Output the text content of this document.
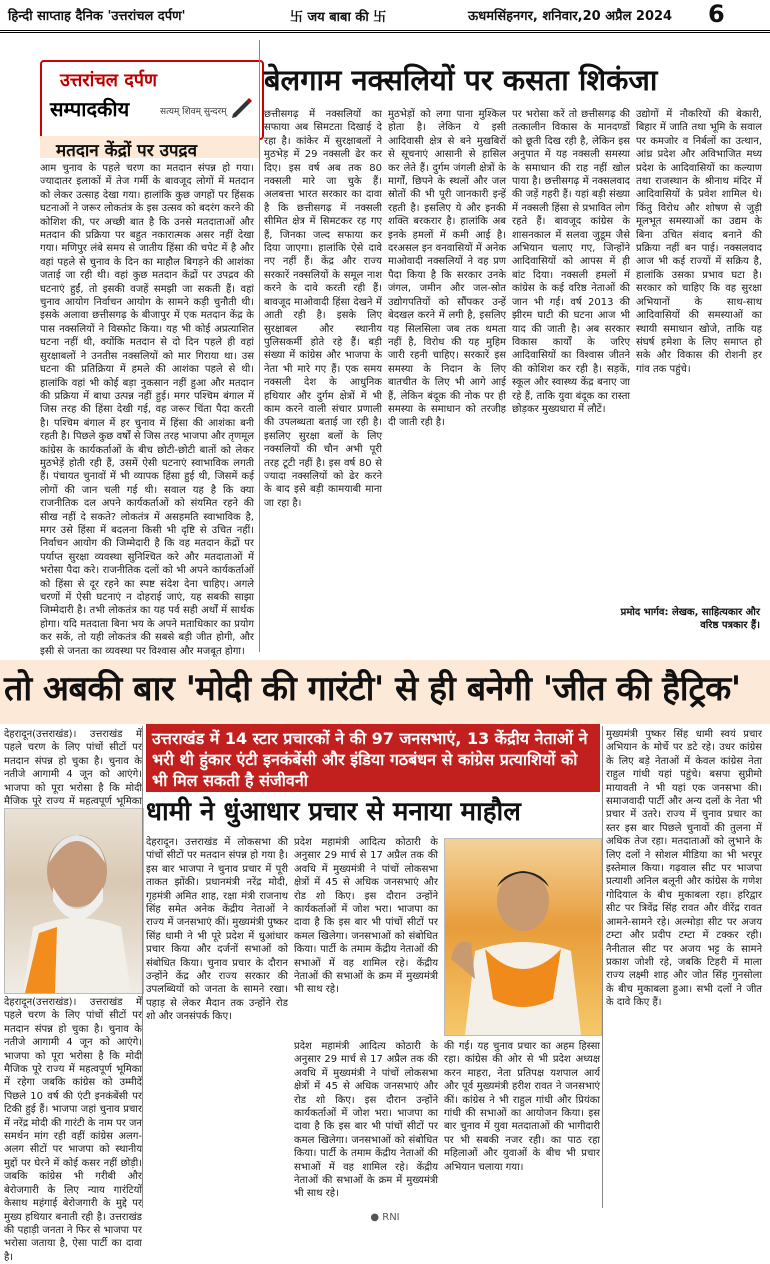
हिन्दी साप्ताह दैनिक 'उत्तरांचल दर्पण'	卐 जय बाबा की 卐	ऊधमसिंहनगर, शनिवार,20 अप्रैल 2024 6
उत्तरांचल दर्पण
सम्पादकीय	सत्यम् शिवम् सुन्दरम्
मतदान केंद्रों पर उपद्रव
आम चुनाव के पहले चरण का मतदान संपन्न हो गया। ज्यादातर इलाकों में तेज गर्मी के बावजूद लोगों में मतदान को लेकर उत्साह देखा गया। हालांकि कुछ जगहों पर हिंसक घटनाओं ने जरूर लोकतंत्र के इस उत्सव को बदरंग करने की कोशिश की, पर अच्छी बात है कि उनसे मतदाताओं और मतदान की प्रक्रिया पर बहुत नकारात्मक असर नहीं देखा गया। मणिपुर लंबे समय से जातीय हिंसा की चपेट में है और वहां पहले से चुनाव के दिन का माहौल बिगड़ने की आशंका जताई जा रही थी। वहां कुछ मतदान केंद्रों पर उपद्रव की घटनाएं हुईं, तो इसकी वजहें समझी जा सकती हैं। वहां चुनाव आयोग निर्वाचन आयोग के सामने कड़ी चुनौती थी। इसके अलावा छत्तीसगढ़ के बीजापुर में एक मतदान केंद्र के पास नक्सलियों ने विस्फोट किया। यह भी कोई अप्रत्याशित घटना नहीं थी, क्योंकि मतदान से दो दिन पहले ही वहां सुरक्षाबलों ने उनतीस नक्सलियों को मार गिराया था। उस घटना की प्रतिक्रिया में हमले की आशंका पहले से थी। हालांकि वहां भी कोई बड़ा नुकसान नहीं हुआ और मतदान की प्रक्रिया में बाधा उत्पन्न नहीं हुई। मगर पश्चिम बंगाल में जिस तरह की हिंसा देखी गई, वह जरूर चिंता पैदा करती है। पश्चिम बंगाल में हर चुनाव में हिंसा की आशंका बनी रहती है। पिछले कुछ वर्षों से जिस तरह भाजपा और तृणमूल कांग्रेस के कार्यकर्ताओं के बीच छोटी-छोटी बातों को लेकर मुठभेड़ें होती रही हैं, उसमें ऐसी घटनाएं स्वाभाविक लगती हैं। पंचायत चुनावों में भी व्यापक हिंसा हुई थी, जिसमें कई लोगों की जान चली गई थी। सवाल यह है कि क्या राजनीतिक दल अपने कार्यकर्ताओं को संयमित रहने की सीख नहीं दे सकते? लोकतंत्र में असहमति स्वाभाविक है, मगर उसे हिंसा में बदलना किसी भी दृष्टि से उचित नहीं। निर्वाचन आयोग की जिम्मेदारी है कि वह मतदान केंद्रों पर पर्याप्त सुरक्षा व्यवस्था सुनिश्चित करे और मतदाताओं में भरोसा पैदा करे। राजनीतिक दलों को भी अपने कार्यकर्ताओं को हिंसा से दूर रहने का स्पष्ट संदेश देना चाहिए। अगले चरणों में ऐसी घटनाएं न दोहराई जाएं, यह सबकी साझा जिम्मेदारी है। तभी लोकतंत्र का यह पर्व सही अर्थों में सार्थक होगा। यदि मतदाता बिना भय के अपने मताधिकार का प्रयोग कर सकें, तो यही लोकतंत्र की सबसे बड़ी जीत होगी, और इसी से जनता का व्यवस्था पर विश्वास और मजबूत होगा।
बेलगाम नक्सलियों पर कसता शिकंजा
छत्तीसगढ़ में नक्सलियों का सफाया अब सिमटता दिखाई दे रहा है। कांकेर में सुरक्षाबलों ने मुठभेड़ में 29 नक्सली ढेर कर दिए। इस वर्ष अब तक 80 नक्सली मारे जा चुके हैं। अलबत्ता भारत सरकार का दावा है कि छत्तीसगढ़ में नक्सली सीमित क्षेत्र में सिमटकर रह गए हैं, जिनका जल्द सफाया कर दिया जाएगा। हालांकि ऐसे दावे नए नहीं हैं। केंद्र और राज्य सरकारें नक्सलियों के समूल नाश करने के दावे करती रही हैं। बावजूद माओवादी हिंसा देखने में आती रही है। इसके लिए सुरक्षाबल और स्थानीय पुलिसकर्मी होते रहे हैं। बड़ी संख्या में कांग्रेस और भाजपा के नेता भी मारे गए हैं। एक समय नक्सली देश के आधुनिक हथियार और दुर्गम क्षेत्रों में भी काम करने वाली संचार प्रणाली की उपलब्धता बताई जा रही है। इसलिए सुरक्षा बलों के लिए नक्सलियों की चौन अभी पूरी तरह टूटी नहीं है। इस वर्ष 80 से ज्यादा नक्सलियों को ढेर करने के बाद इसे बड़ी कामयाबी माना जा रहा है।
मुठभेड़ों को लगा पाना मुश्किल होता है। लेकिन ये इसी आदिवासी क्षेत्र से बने मुखबिरों से सूचनाएं आसानी से हासिल कर लेते हैं। दुर्गम जंगली क्षेत्रों के मार्गों, छिपने के स्थलों और जल स्रोतों की भी पूरी जानकारी इन्हें रहती है। इसलिए ये और इनकी शक्ति बरकरार है। हालांकि अब इनके हमलों में कमी आई है। दरअसल इन वनवासियों में अनेक माओवादी नक्सलियों ने वह प्रण पैदा किया है कि सरकार उनके जंगल, जमीन और जल-स्रोत उद्योगपतियों को सौंपकर उन्हें बेदखल करने में लगी है, इसलिए यह सिलसिला जब तक थमता नहीं है, विरोध की यह मुहिम जारी रहनी चाहिए। सरकारें इस समस्या के निदान के लिए बातचीत के लिए भी आगे आई हैं, लेकिन बंदूक की नोक पर ही समस्या के समाधान को तरजीह दी जाती रही है।
पर भरोसा करें तो छत्तीसगढ़ की तत्कालीन विकास के मानदण्डों को छूती दिख रही है, लेकिन इस अनुपात में यह नक्सली समस्या के समाधान की राह नहीं खोल पाया है। छत्तीसगढ़ में नक्सलवाद की जड़ें गहरी हैं। यहां बड़ी संख्या में नक्सली हिंसा से प्रभावित लोग रहते हैं। बावजूद कांग्रेस के शासनकाल में सलवा जुडूम जैसे अभियान चलाए गए, जिन्होंने आदिवासियों को आपस में ही बांट दिया। नक्सली हमलों में कांग्रेस के कई वरिष्ठ नेताओं की जान भी गई। वर्ष 2013 की झीरम घाटी की घटना आज भी याद की जाती है। अब सरकार विकास कार्यों के जरिए आदिवासियों का विश्वास जीतने की कोशिश कर रही है। सड़कें, स्कूल और स्वास्थ्य केंद्र बनाए जा रहे हैं, ताकि युवा बंदूक का रास्ता छोड़कर मुख्यधारा में लौटें।
उद्योगों में नौकरियों की बेकारी, बिहार में जाति तथा भूमि के सवाल पर कमजोर व निर्बलों का उत्थान, आंध्र प्रदेश और अविभाजित मध्य प्रदेश के आदिवासियों का कल्याण तथा राजस्थान के श्रीनाथ मंदिर में आदिवासियों के प्रवेश शामिल थे। किंतु विरोध और शोषण से जुड़ी मूलभूत समस्याओं का उद्यम के बिना उचित संवाद बनाने की प्रक्रिया नहीं बन पाई। नक्सलवाद आज भी कई राज्यों में सक्रिय है, हालांकि उसका प्रभाव घटा है। सरकार को चाहिए कि वह सुरक्षा अभियानों के साथ-साथ आदिवासियों की समस्याओं का स्थायी समाधान खोजे, ताकि यह संघर्ष हमेशा के लिए समाप्त हो सके और विकास की रोशनी हर गांव तक पहुंचे।
प्रमोद भार्गव: लेखक, साहित्यकार और वरिष्ठ पत्रकार हैं।
तो अबकी बार 'मोदी की गारंटी' से ही बनेगी 'जीत की हैट्रिक'
देहरादून(उत्तराखंड)। उत्तराखंड में पहले चरण के लिए पांचों सीटों पर मतदान संपन्न हो चुका है। चुनाव के नतीजे आगामी 4 जून को आएंगे। भाजपा को पूरा भरोसा है कि मोदी मैजिक पूरे राज्य में महत्वपूर्ण भूमिका
देहरादून(उत्तराखंड)। उत्तराखंड में पहले चरण के लिए पांचों सीटों पर मतदान संपन्न हो चुका है। चुनाव के नतीजे आगामी 4 जून को आएंगे। भाजपा को पूरा भरोसा है कि मोदी मैजिक पूरे राज्य में महत्वपूर्ण भूमिका में रहेगा जबकि कांग्रेस को उम्मीदें पिछले 10 वर्ष की एंटी इनकंबेंसी पर टिकी हुई हैं। भाजपा जहां चुनाव प्रचार में नरेंद्र मोदी की गारंटी के नाम पर जन समर्थन मांग रही वहीं कांग्रेस अलग-अलग सीटों पर भाजपा को स्थानीय मुद्दों पर घेरने में कोई कसर नहीं छोड़ी। जबकि कांग्रेस भी गरीबी और बेरोजगारी के लिए न्याय गारंटियों केसाथ महंगाई बेरोजगारी के मुद्दे पर मुख्य हथियार बनाती रही है। उत्तराखंड की पहाड़ी जनता ने फिर से भाजपा पर भरोसा जताया है, ऐसा पार्टी का दावा है।
उत्तराखंड में 14 स्टार प्रचारकों ने की 97 जनसभाएं, 13 केंद्रीय नेताओं ने भरी थी हुंकार एंटी इनकंबेंसी और इंडिया गठबंधन से कांग्रेस प्रत्याशियों को भी मिल सकती है संजीवनी
धामी ने धुंआधार प्रचार से मनाया माहौल
देहरादून। उत्तराखंड में लोकसभा की पांचों सीटों पर मतदान संपन्न हो गया है। इस बार भाजपा ने चुनाव प्रचार में पूरी ताकत झोंकी। प्रधानमंत्री नरेंद्र मोदी, गृहमंत्री अमित शाह, रक्षा मंत्री राजनाथ सिंह समेत अनेक केंद्रीय नेताओं ने राज्य में जनसभाएं कीं। मुख्यमंत्री पुष्कर सिंह धामी ने भी पूरे प्रदेश में धुआंधार प्रचार किया और दर्जनों सभाओं को संबोधित किया। चुनाव प्रचार के दौरान उन्होंने केंद्र और राज्य सरकार की उपलब्धियों को जनता के सामने रखा। पहाड़ से लेकर मैदान तक उन्होंने रोड शो और जनसंपर्क किए।
प्रदेश महामंत्री आदित्य कोठारी के अनुसार 29 मार्च से 17 अप्रैल तक की अवधि में मुख्यमंत्री ने पांचों लोकसभा क्षेत्रों में 45 से अधिक जनसभाएं और रोड शो किए। इस दौरान उन्होंने कार्यकर्ताओं में जोश भरा। भाजपा का दावा है कि इस बार भी पांचों सीटों पर कमल खिलेगा। जनसभाओं को संबोधित किया। पार्टी के तमाम केंद्रीय नेताओं की सभाओं में वह शामिल रहे। केंद्रीय नेताओं की सभाओं के क्रम में मुख्यमंत्री भी साथ रहे।
प्रदेश महामंत्री आदित्य कोठारी के अनुसार 29 मार्च से 17 अप्रैल तक की अवधि में मुख्यमंत्री ने पांचों लोकसभा क्षेत्रों में 45 से अधिक जनसभाएं और रोड शो किए। इस दौरान उन्होंने कार्यकर्ताओं में जोश भरा। भाजपा का दावा है कि इस बार भी पांचों सीटों पर कमल खिलेगा। जनसभाओं को संबोधित किया। पार्टी के तमाम केंद्रीय नेताओं की सभाओं में वह शामिल रहे। केंद्रीय नेताओं की सभाओं के क्रम में मुख्यमंत्री भी साथ रहे।
की गई। यह चुनाव प्रचार का अहम हिस्सा रहा। कांग्रेस की ओर से भी प्रदेश अध्यक्ष करन माहरा, नेता प्रतिपक्ष यशपाल आर्य और पूर्व मुख्यमंत्री हरीश रावत ने जनसभाएं कीं। कांग्रेस ने भी राहुल गांधी और प्रियंका गांधी की सभाओं का आयोजन किया। इस बार चुनाव में युवा मतदाताओं की भागीदारी पर भी सबकी नजर रही। का पाठ रहा महिलाओं और युवाओं के बीच भी प्रचार अभियान चलाया गया।
मुख्यमंत्री पुष्कर सिंह धामी स्वयं प्रचार अभियान के मोर्चे पर डटे रहे। उधर कांग्रेस के लिए बड़े नेताओं में केवल कांग्रेस नेता राहुल गांधी यहां पहुंचे। बसपा सुप्रीमो मायावती ने भी यहां एक जनसभा की। समाजवादी पार्टी और अन्य दलों के नेता भी प्रचार में उतरे। राज्य में चुनाव प्रचार का स्तर इस बार पिछले चुनावों की तुलना में अधिक तेज रहा। मतदाताओं को लुभाने के लिए दलों ने सोशल मीडिया का भी भरपूर इस्तेमाल किया। गढ़वाल सीट पर भाजपा प्रत्याशी अनिल बलूनी और कांग्रेस के गणेश गोदियाल के बीच मुकाबला रहा। हरिद्वार सीट पर त्रिवेंद्र सिंह रावत और वीरेंद्र रावत आमने-सामने रहे। अल्मोड़ा सीट पर अजय टम्टा और प्रदीप टम्टा में टक्कर रही। नैनीताल सीट पर अजय भट्ट के सामने प्रकाश जोशी रहे, जबकि टिहरी में माला राज्य लक्ष्मी शाह और जोत सिंह गुनसोला के बीच मुकाबला हुआ। सभी दलों ने जीत के दावे किए हैं।
● RNI
